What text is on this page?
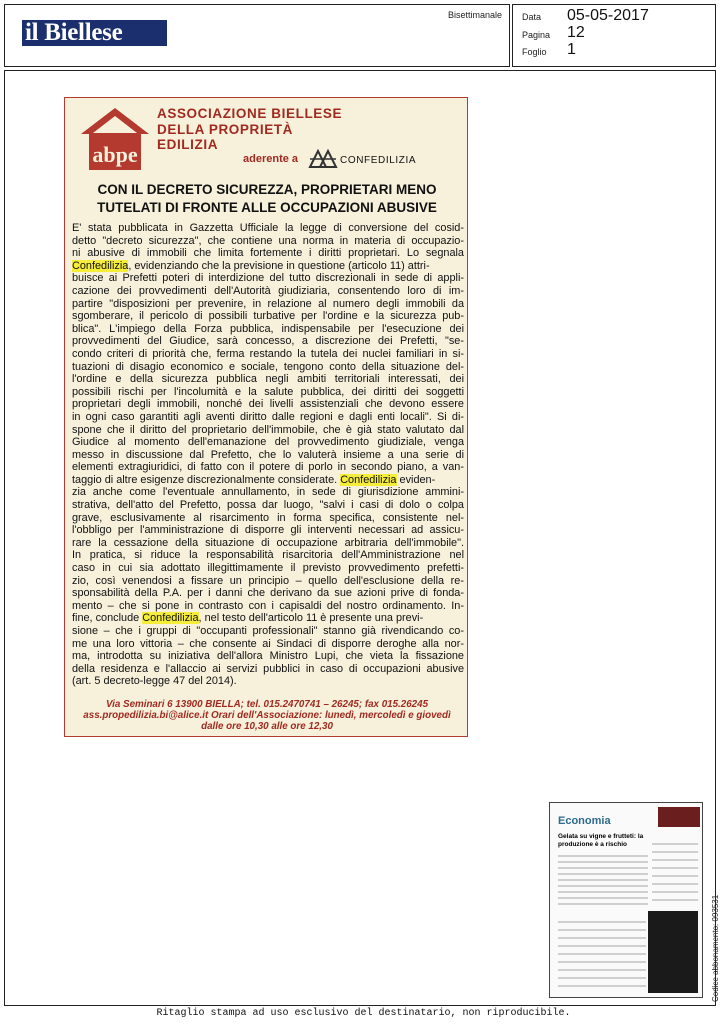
il Biellese
Bisettimanale Data 05-05-2017
Pagina 12
Foglio 1
abpe
ASSOCIAZIONE BIELLESE
DELLA PROPRIETÀ
EDILIZIA
aderente a	CONFEDILIZIA
CON IL DECRETO SICUREZZA, PROPRIETARI MENO
TUTELATI DI FRONTE ALLE OCCUPAZIONI ABUSIVE
E' stata pubblicata in Gazzetta Ufficiale la legge di conversione del cosid-
detto "decreto sicurezza", che contiene una norma in materia di occupazio-
ni abusive di immobili che limita fortemente i diritti proprietari. Lo segnala
Confedilizia, evidenziando che la previsione in questione (articolo 11) attri-
buisce ai Prefetti poteri di interdizione del tutto discrezionali in sede di appli-
cazione dei provvedimenti dell'Autorità giudiziaria, consentendo loro di im-
partire "disposizioni per prevenire, in relazione al numero degli immobili da
sgomberare, il pericolo di possibili turbative per l'ordine e la sicurezza pub-
blica". L'impiego della Forza pubblica, indispensabile per l'esecuzione dei
provvedimenti del Giudice, sarà concesso, a discrezione dei Prefetti, "se-
condo criteri di priorità che, ferma restando la tutela dei nuclei familiari in si-
tuazioni di disagio economico e sociale, tengono conto della situazione del-
l'ordine e della sicurezza pubblica negli ambiti territoriali interessati, dei
possibili rischi per l'incolumità e la salute pubblica, dei diritti dei soggetti
proprietari degli immobili, nonché dei livelli assistenziali che devono essere
in ogni caso garantiti agli aventi diritto dalle regioni e dagli enti locali". Si di-
spone che il diritto del proprietario dell'immobile, che è già stato valutato dal
Giudice al momento dell'emanazione del provvedimento giudiziale, venga
messo in discussione dal Prefetto, che lo valuterà insieme a una serie di
elementi extragiuridici, di fatto con il potere di porlo in secondo piano, a van-
taggio di altre esigenze discrezionalmente considerate. Confedilizia eviden-
zia anche come l'eventuale annullamento, in sede di giurisdizione ammini-
strativa, dell'atto del Prefetto, possa dar luogo, "salvi i casi di dolo o colpa
grave, esclusivamente al risarcimento in forma specifica, consistente nel-
l'obbligo per l'amministrazione di disporre gli interventi necessari ad assicu-
rare la cessazione della situazione di occupazione arbitraria dell'immobile".
In pratica, si riduce la responsabilità risarcitoria dell'Amministrazione nel
caso in cui sia adottato illegittimamente il previsto provvedimento prefetti-
zio, così venendosi a fissare un principio – quello dell'esclusione della re-
sponsabilità della P.A. per i danni che derivano da sue azioni prive di fonda-
mento – che si pone in contrasto con i capisaldi del nostro ordinamento. In-
fine, conclude Confedilizia, nel testo dell'articolo 11 è presente una previ-
sione – che i gruppi di "occupanti professionali" stanno già rivendicando co-
me una loro vittoria – che consente ai Sindaci di disporre deroghe alla nor-
ma, introdotta su iniziativa dell'allora Ministro Lupi, che vieta la fissazione
della residenza e l'allaccio ai servizi pubblici in caso di occupazioni abusive
(art. 5 decreto-legge 47 del 2014).
Via Seminari 6 13900 BIELLA; tel. 015.2470741 – 26245; fax 015.26245
ass.propedilizia.bi@alice.it Orari dell'Associazione: lunedì, mercoledì e giovedì
dalle ore 10,30 alle ore 12,30
Economia
Gelata su vigne e frutteti: la produzione è a rischio
Codice abbonamento: 093531
Ritaglio stampa ad uso esclusivo del destinatario, non riproducibile.
